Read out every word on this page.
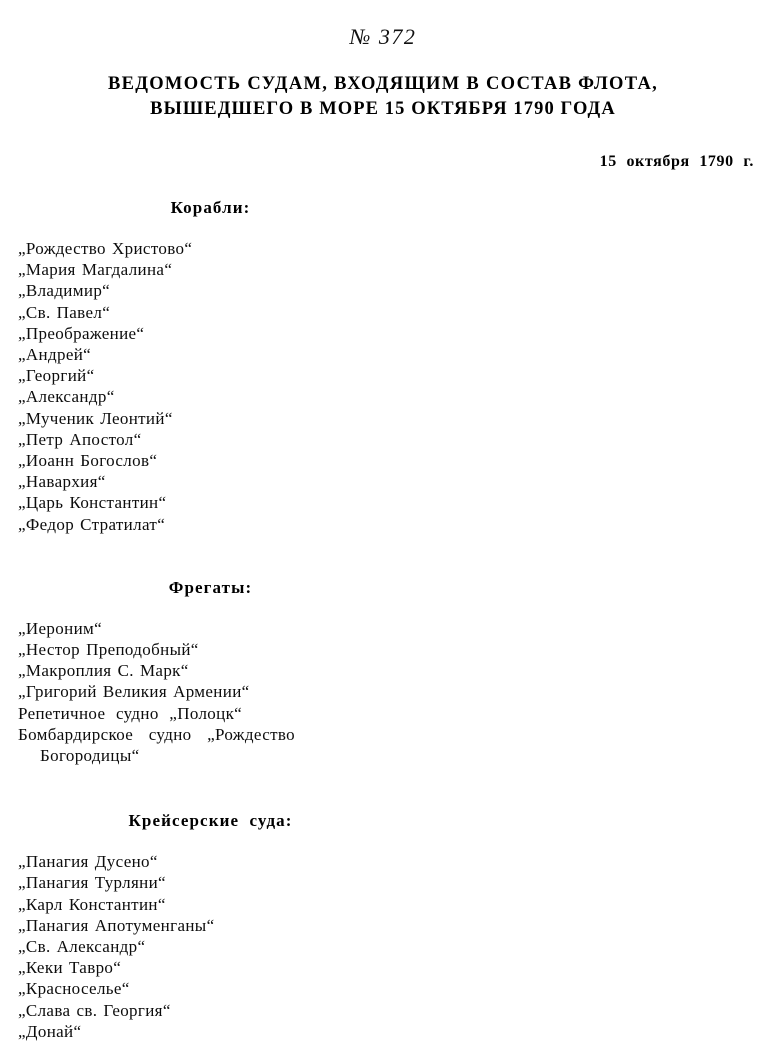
№ 372
ВЕДОМОСТЬ СУДАМ, ВХОДЯЩИМ В СОСТАВ ФЛОТА,
ВЫШЕДШЕГО В МОРЕ 15 ОКТЯБРЯ 1790 ГОДА
15 октября 1790 г.
Корабли:
„Рождество Христово“
„Мария Магдалина“
„Владимир“
„Св. Павел“
„Преображение“
„Андрей“
„Георгий“
„Александр“
„Мученик Леонтий“
„Петр Апостол“
„Иоанн Богослов“
„Навархия“
„Царь Константин“
„Федор Стратилат“
Фрегаты:
„Иероним“
„Нестор Преподобный“
„Макроплия С. Марк“
„Григорий Великия Армении“
Репетичное судно „Полоцк“
Бомбардирское судно „Рождество
Богородицы“
Крейсерские суда:
„Панагия Дусено“
„Панагия Турляни“
„Карл Константин“
„Панагия Апотуменганы“
„Св. Александр“
„Кеки Тавро“
„Красноселье“
„Слава св. Георгия“
„Донай“
